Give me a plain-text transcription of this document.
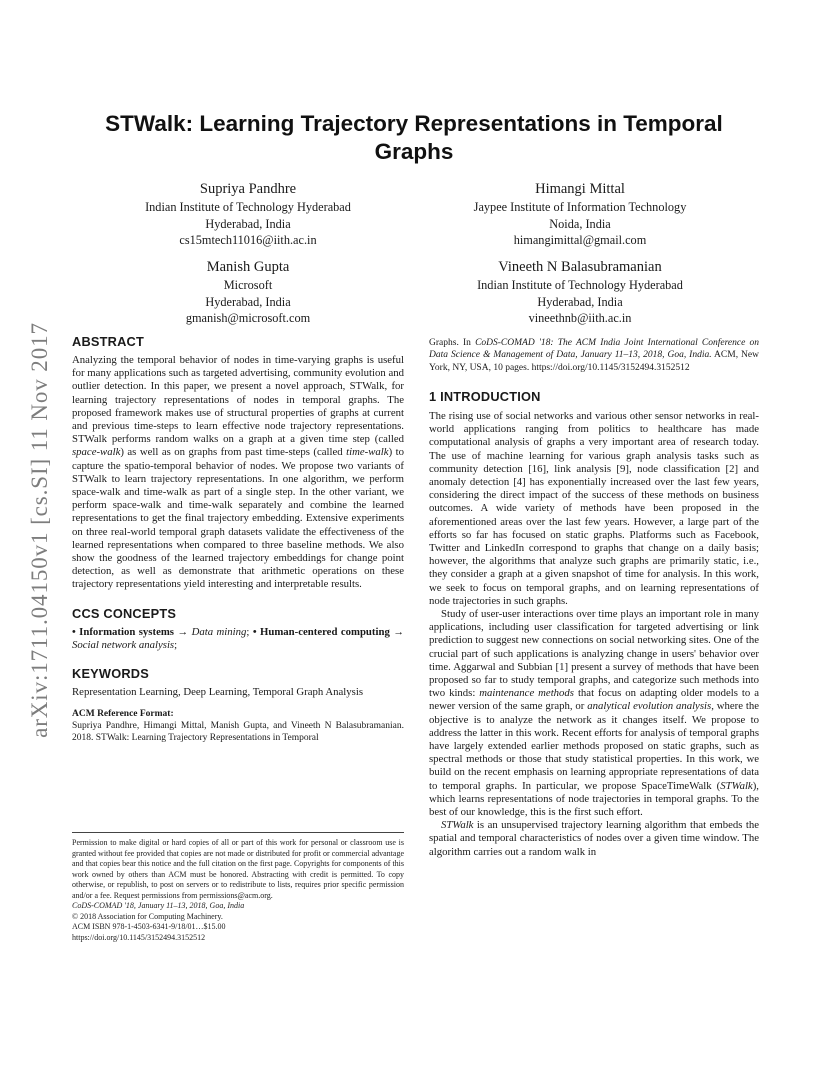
STWalk: Learning Trajectory Representations in Temporal Graphs
arXiv:1711.04150v1 [cs.SI] 11 Nov 2017
Supriya Pandhre
Indian Institute of Technology Hyderabad
Hyderabad, India
cs15mtech11016@iith.ac.in
Himangi Mittal
Jaypee Institute of Information Technology
Noida, India
himangimittal@gmail.com
Manish Gupta
Microsoft
Hyderabad, India
gmanish@microsoft.com
Vineeth N Balasubramanian
Indian Institute of Technology Hyderabad
Hyderabad, India
vineethnb@iith.ac.in
ABSTRACT

Analyzing the temporal behavior of nodes in time-varying graphs is useful for many applications such as targeted advertising, community evolution and outlier detection. In this paper, we present a novel approach, STWalk, for learning trajectory representations of nodes in temporal graphs. The proposed framework makes use of structural properties of graphs at current and previous time-steps to learn effective node trajectory representations. STWalk performs random walks on a graph at a given time step (called space-walk) as well as on graphs from past time-steps (called time-walk) to capture the spatio-temporal behavior of nodes. We propose two variants of STWalk to learn trajectory representations. In one algorithm, we perform space-walk and time-walk as part of a single step. In the other variant, we perform space-walk and time-walk separately and combine the learned representations to get the final trajectory embedding. Extensive experiments on three real-world temporal graph datasets validate the effectiveness of the learned representations when compared to three baseline methods. We also show the goodness of the learned trajectory embeddings for change point detection, as well as demonstrate that arithmetic operations on these trajectory representations yield interesting and interpretable results.

CCS CONCEPTS

• Information systems → Data mining; • Human-centered computing → Social network analysis;

KEYWORDS

Representation Learning, Deep Learning, Temporal Graph Analysis

ACM Reference Format:

Supriya Pandhre, Himangi Mittal, Manish Gupta, and Vineeth N Balasubramanian. 2018. STWalk: Learning Trajectory Representations in Temporal

Permission to make digital or hard copies of all or part of this work for personal or classroom use is granted without fee provided that copies are not made or distributed for profit or commercial advantage and that copies bear this notice and the full citation on the first page. Copyrights for components of this work owned by others than ACM must be honored. Abstracting with credit is permitted. To copy otherwise, or republish, to post on servers or to redistribute to lists, requires prior specific permission and/or a fee. Request permissions from permissions@acm.org.

CoDS-COMAD '18, January 11–13, 2018, Goa, India

© 2018 Association for Computing Machinery.

ACM ISBN 978-1-4503-6341-9/18/01…$15.00

https://doi.org/10.1145/3152494.3152512

Graphs. In CoDS-COMAD '18: The ACM India Joint International Conference on Data Science & Management of Data, January 11–13, 2018, Goa, India. ACM, New York, NY, USA, 10 pages. https://doi.org/10.1145/3152494.3152512

1 INTRODUCTION

The rising use of social networks and various other sensor networks in real-world applications ranging from politics to healthcare has made computational analysis of graphs a very important area of research today. The use of machine learning for various graph analysis tasks such as community detection [16], link analysis [9], node classification [2] and anomaly detection [4] has exponentially increased over the last few years, considering the direct impact of the success of these methods on business outcomes. A wide variety of methods have been proposed in the aforementioned areas over the last few years. However, a large part of the efforts so far has focused on static graphs. Platforms such as Facebook, Twitter and LinkedIn correspond to graphs that change on a daily basis; however, the algorithms that analyze such graphs are primarily static, i.e., they consider a graph at a given snapshot of time for analysis. In this work, we seek to focus on temporal graphs, and on learning representations of node trajectories in such graphs.

Study of user-user interactions over time plays an important role in many applications, including user classification for targeted advertising or link prediction to suggest new connections on social networking sites. One of the crucial part of such applications is analyzing change in users' behavior over time. Aggarwal and Subbian [1] present a survey of methods that have been proposed so far to study temporal graphs, and categorize such methods into two kinds: maintenance methods that focus on adapting older models to a newer version of the same graph, or analytical evolution analysis, where the objective is to analyze the network as it changes itself. We propose to address the latter in this work. Recent efforts for analysis of temporal graphs have largely extended earlier methods proposed on static graphs, such as spectral methods or those that study statistical properties. In this work, we build on the recent emphasis on learning appropriate representations of data to temporal graphs. In particular, we propose SpaceTimeWalk (STWalk), which learns representations of node trajectories in temporal graphs. To the best of our knowledge, this is the first such effort.

STWalk is an unsupervised trajectory learning algorithm that embeds the spatial and temporal characteristics of nodes over a given time window. The algorithm carries out a random walk in
